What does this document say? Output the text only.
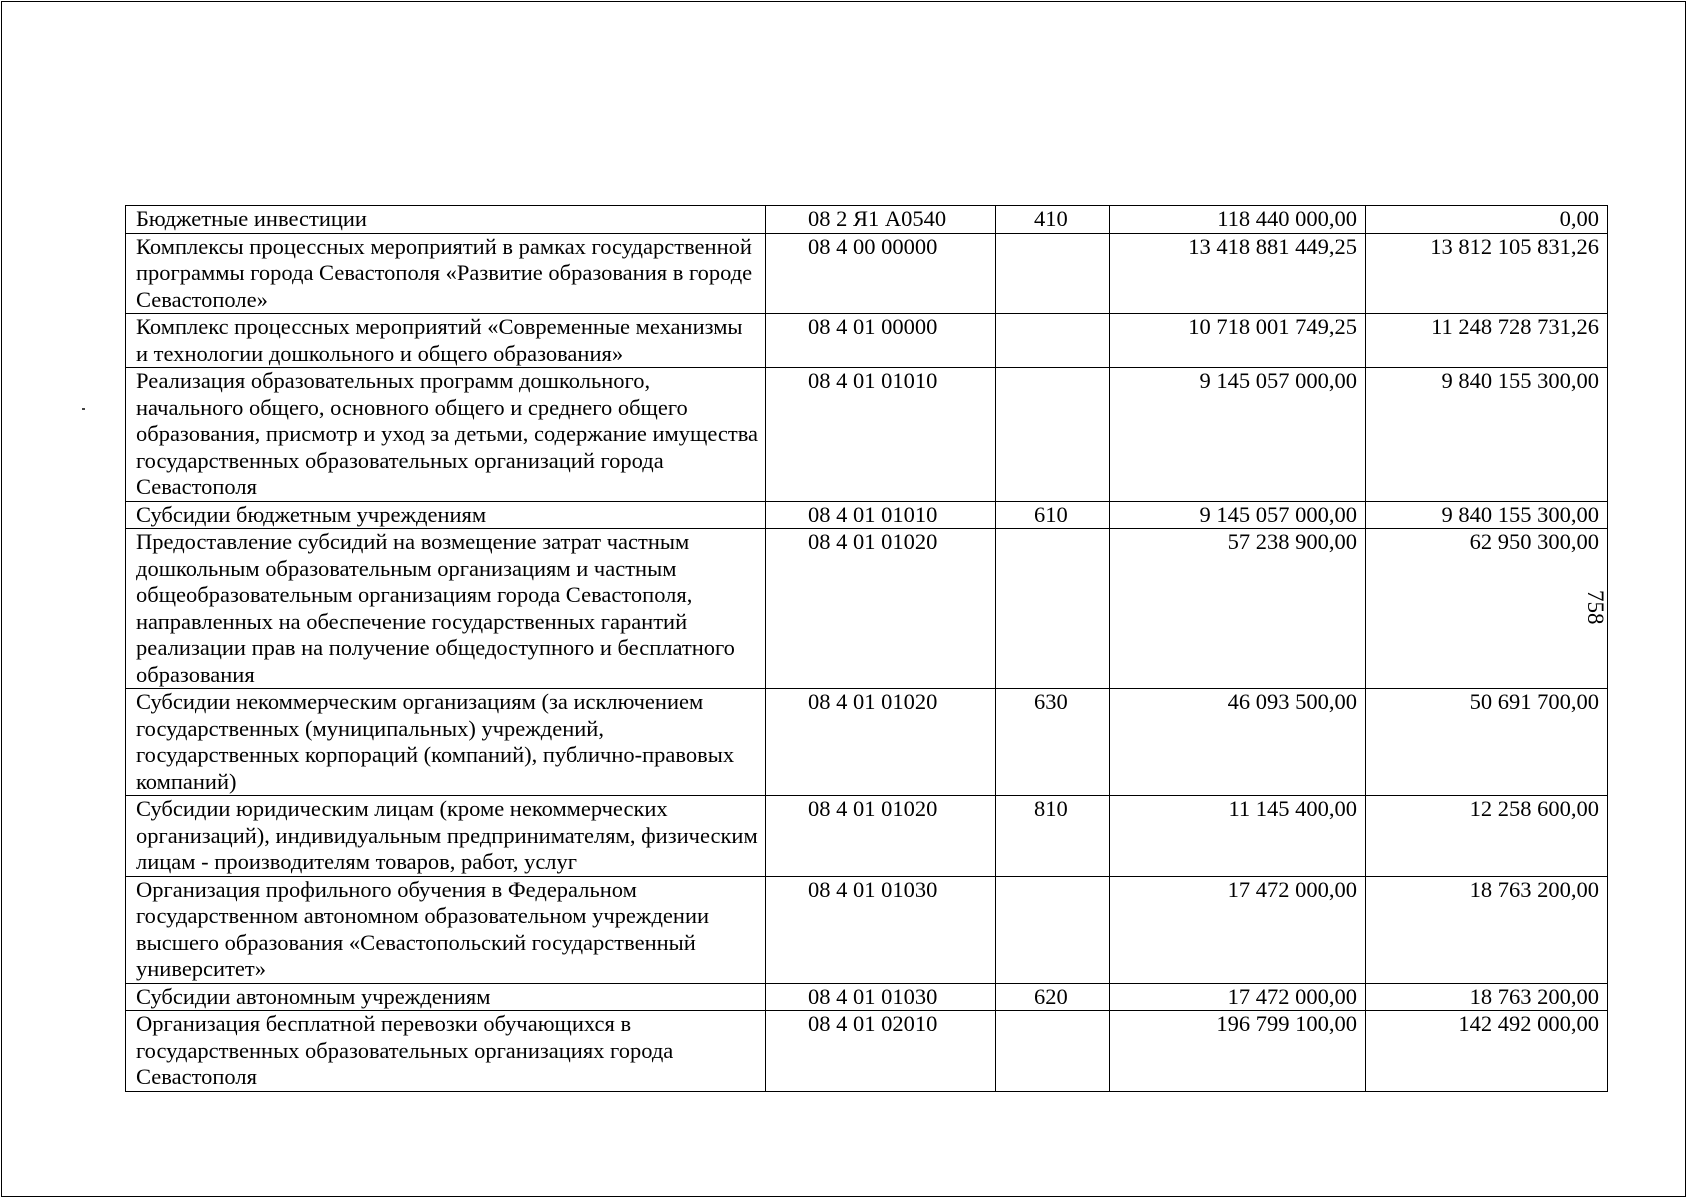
Бюджетные инвестиции	08 2 Я1 А0540	410	118 440 000,00	0,00
Комплексы процессных мероприятий в рамках государственной программы города Севастополя «Развитие образования в городе Севастополе»	08 4 00 00000		13 418 881 449,25	13 812 105 831,26
Комплекс процессных мероприятий «Современные механизмы и технологии дошкольного и общего образования»	08 4 01 00000		10 718 001 749,25	11 248 728 731,26
Реализация образовательных программ дошкольного, начального общего, основного общего и среднего общего образования, присмотр и уход за детьми, содержание имущества государственных образовательных организаций города Севастополя	08 4 01 01010		9 145 057 000,00	9 840 155 300,00
Субсидии бюджетным учреждениям	08 4 01 01010	610	9 145 057 000,00	9 840 155 300,00
Предоставление субсидий на возмещение затрат частным дошкольным образовательным организациям и частным общеобразовательным организациям города Севастополя, направленных на обеспечение государственных гарантий реализации прав на получение общедоступного и бесплатного образования	08 4 01 01020		57 238 900,00	62 950 300,00
Субсидии некоммерческим организациям (за исключением государственных (муниципальных) учреждений, государственных корпораций (компаний), публично-правовых компаний)	08 4 01 01020	630	46 093 500,00	50 691 700,00
Субсидии юридическим лицам (кроме некоммерческих организаций), индивидуальным предпринимателям, физическим лицам - производителям товаров, работ, услуг	08 4 01 01020	810	11 145 400,00	12 258 600,00
Организация профильного обучения в Федеральном государственном автономном образовательном учреждении высшего образования «Севастопольский государственный университет»	08 4 01 01030		17 472 000,00	18 763 200,00
Субсидии автономным учреждениям	08 4 01 01030	620	17 472 000,00	18 763 200,00
Организация бесплатной перевозки обучающихся в государственных образовательных организациях города Севастополя	08 4 01 02010		196 799 100,00	142 492 000,00
758
